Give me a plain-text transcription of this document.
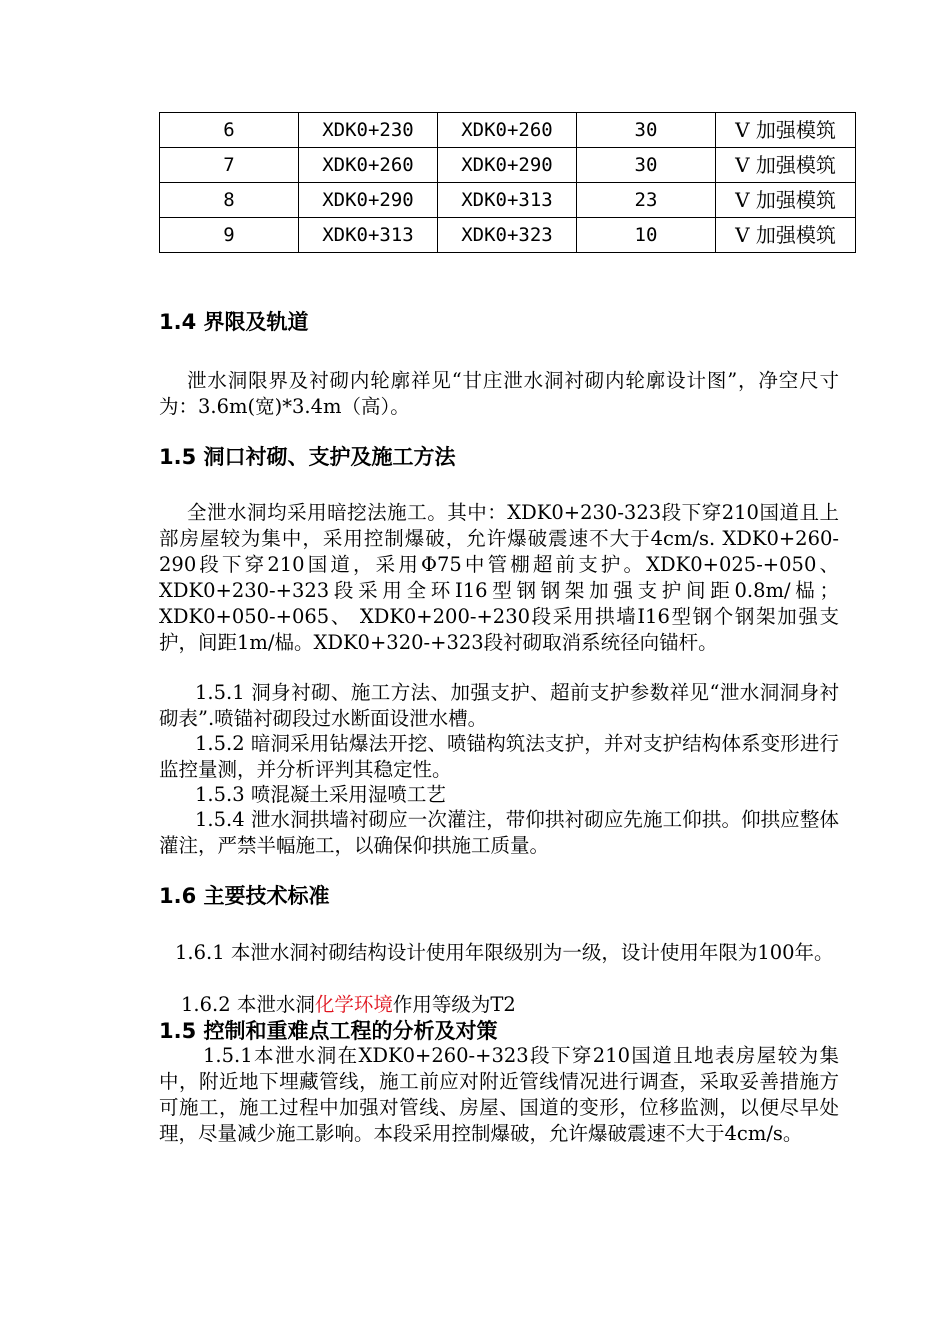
6	XDK0+230	XDK0+260	30	V 加强模筑
7	XDK0+260	XDK0+290	30	V 加强模筑
8	XDK0+290	XDK0+313	23	V 加强模筑
9	XDK0+313	XDK0+323	10	V 加强模筑
1.4 界限及轨道

泄水洞限界及衬砌内轮廓祥见“甘庄泄水洞衬砌内轮廓设计图”，净空尺寸为：3.6m(宽)*3.4m（高）。

1.5 洞口衬砌、支护及施工方法

全泄水洞均采用暗挖法施工。其中：XDK0+230-323段下穿210国道且上部房屋较为集中，采用控制爆破，允许爆破震速不大于4cm/s. XDK0+260-290段下穿210国道，采用Φ75中管棚超前支护。XDK0+025-+050、 XDK0+230-+323段采用全环I16型钢钢架加强支护间距0.8m/榀；XDK0+050-+065、 XDK0+200-+230段采用拱墙I16型钢个钢架加强支护，间距1m/榀。XDK0+320-+323段衬砌取消系统径向锚杆。

1.5.1 洞身衬砌、施工方法、加强支护、超前支护参数祥见“泄水洞洞身衬砌表”.喷锚衬砌段过水断面设泄水槽。

1.5.2 暗洞采用钻爆法开挖、喷锚构筑法支护，并对支护结构体系变形进行监控量测，并分析评判其稳定性。

1.5.3 喷混凝土采用湿喷工艺

1.5.4 泄水洞拱墙衬砌应一次灌注，带仰拱衬砌应先施工仰拱。仰拱应整体灌注，严禁半幅施工，以确保仰拱施工质量。

1.6 主要技术标准

1.6.1 本泄水洞衬砌结构设计使用年限级别为一级，设计使用年限为100年。

1.6.2 本泄水洞化学环境作用等级为T2

1.5 控制和重难点工程的分析及对策

1.5.1本泄水洞在XDK0+260-+323段下穿210国道且地表房屋较为集中，附近地下埋藏管线，施工前应对附近管线情况进行调查，采取妥善措施方可施工，施工过程中加强对管线、房屋、国道的变形，位移监测，以便尽早处理，尽量减少施工影响。本段采用控制爆破，允许爆破震速不大于4cm/s。
